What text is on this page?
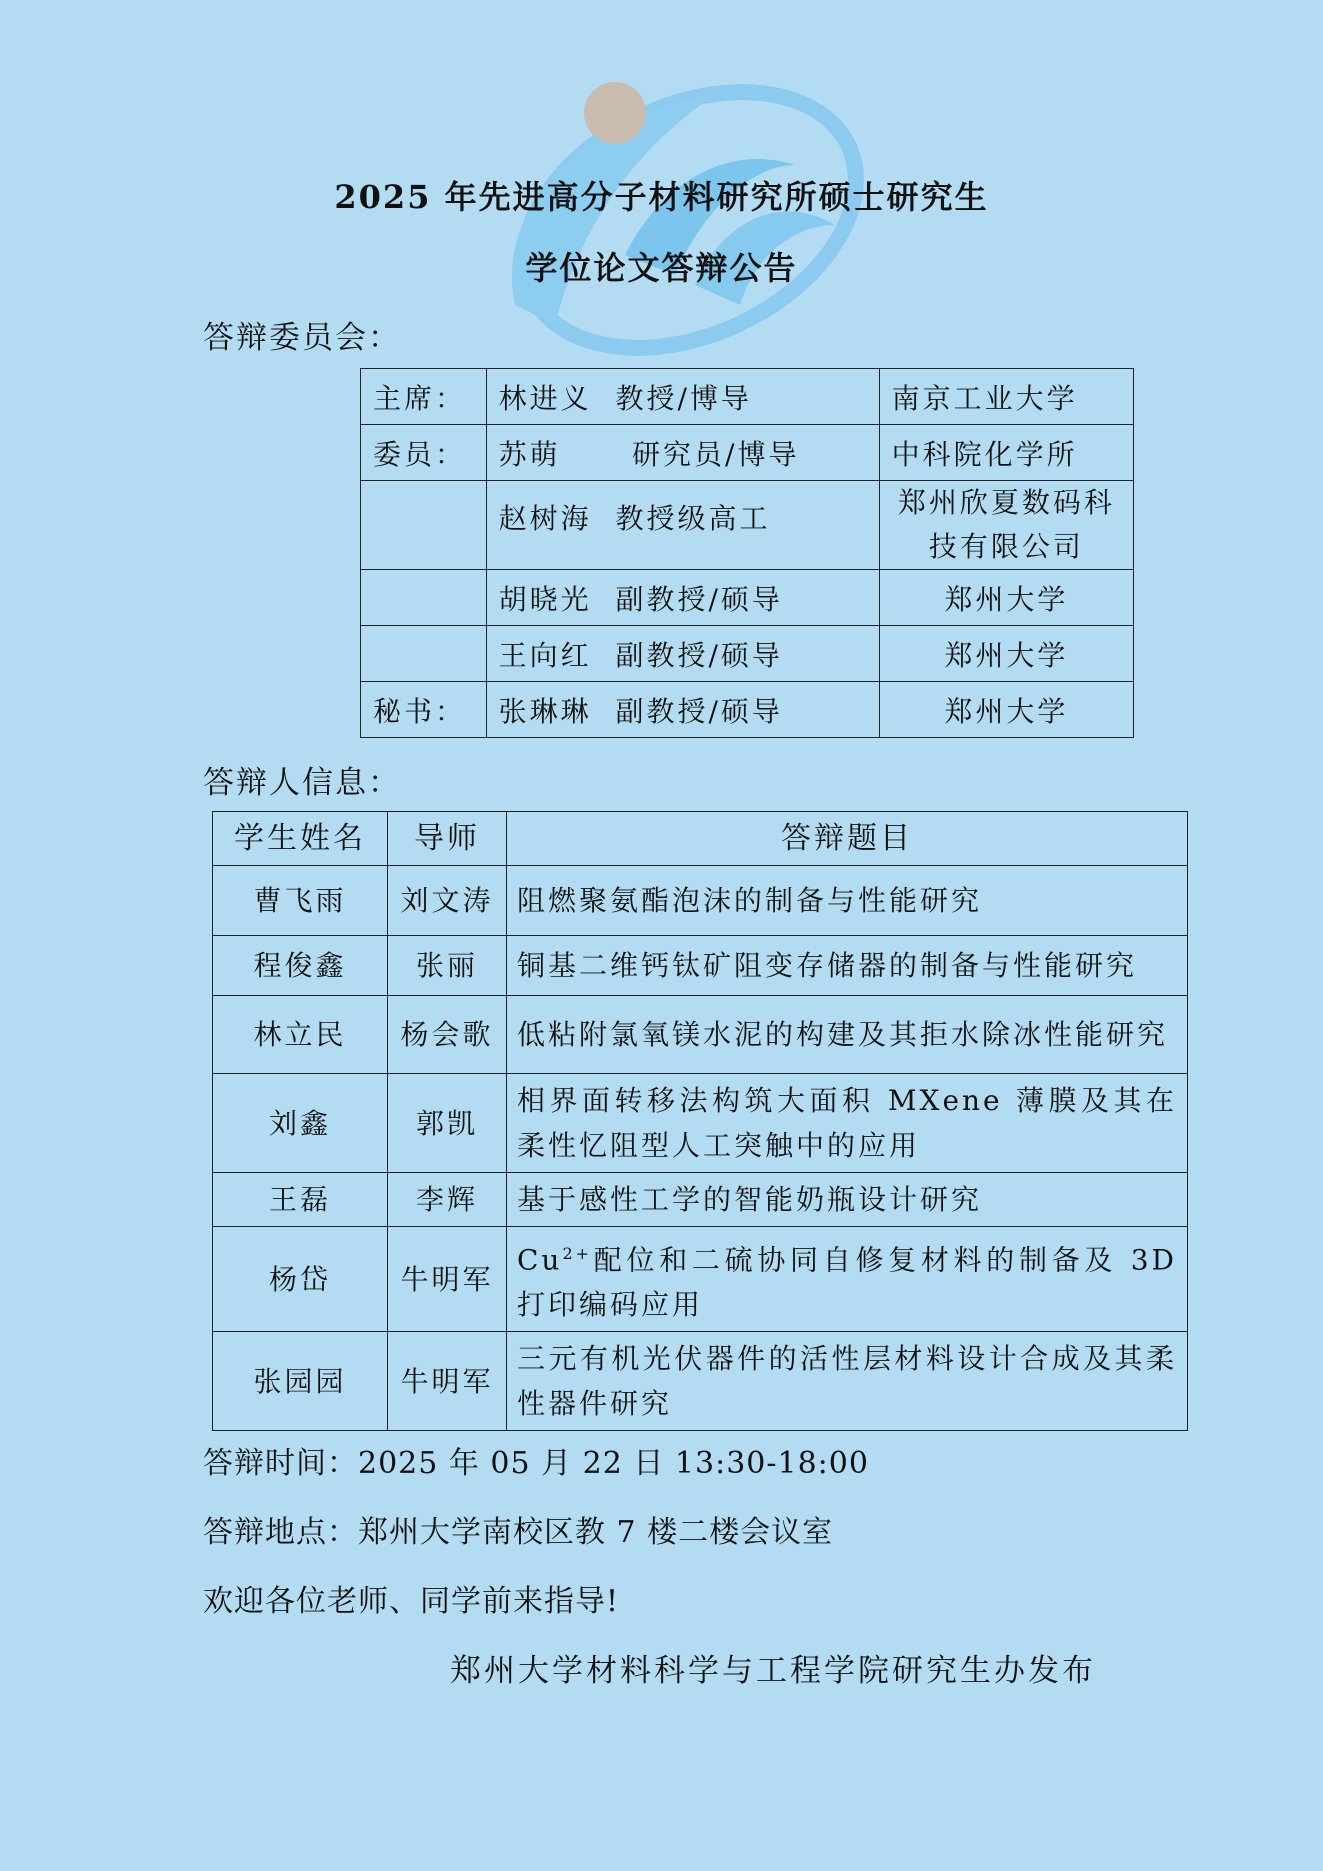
2025 年先进高分子材料研究所硕士研究生
学位论文答辩公告
答辩委员会：
主席：	林进义  教授/博导	南京工业大学
委员：	苏萌      研究员/博导	中科院化学所
	赵树海  教授级高工	郑州欣夏数码科技有限公司
	胡晓光  副教授/硕导	郑州大学
	王向红  副教授/硕导	郑州大学
秘书：	张琳琳  副教授/硕导	郑州大学
答辩人信息：
学生姓名	导师	答辩题目
曹飞雨	刘文涛	阻燃聚氨酯泡沫的制备与性能研究
程俊鑫	张丽	铜基二维钙钛矿阻变存储器的制备与性能研究
林立民	杨会歌	低粘附氯氧镁水泥的构建及其拒水除冰性能研究
刘鑫	郭凯	相界面转移法构筑大面积 MXene 薄膜及其在柔性忆阻型人工突触中的应用
王磊	李辉	基于感性工学的智能奶瓶设计研究
杨岱	牛明军	$Cu^{2+}$配位和二硫协同自修复材料的制备及 3D 打印编码应用
张园园	牛明军	三元有机光伏器件的活性层材料设计合成及其柔性器件研究
答辩时间：2025 年 05 月 22 日 13:30-18:00
答辩地点：郑州大学南校区教 7 楼二楼会议室
欢迎各位老师、同学前来指导!
郑州大学材料科学与工程学院研究生办发布
